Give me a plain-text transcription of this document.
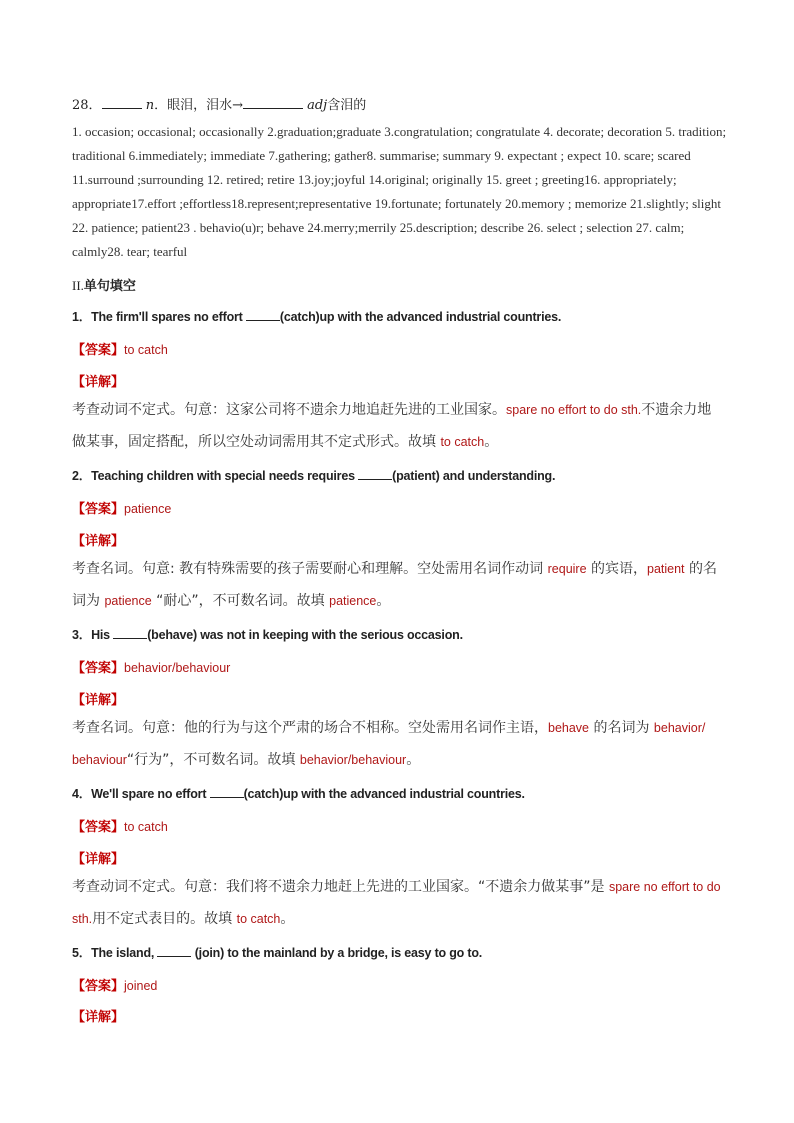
28．	n．眼泪，泪水→	adj含泪的
1. occasion; occasional; occasionally 2.graduation;graduate 3.congratulation; congratulate 4. decorate; decoration 5. tradition; traditional 6.immediately; immediate 7.gathering; gather8. summarise; summary 9. expectant ; expect 10. scare; scared 11.surround ;surrounding 12. retired; retire 13.joy;joyful 14.original; originally 15. greet ; greeting16. appropriately; appropriate17.effort ;effortless18.represent;representative 19.fortunate; fortunately 20.memory ; memorize 21.slightly; slight 22. patience; patient23 . behavio(u)r; behave 24.merry;merrily 25.description; describe 26. select ; selection 27. calm; calmly28. tear; tearful
II.单句填空
1．The firm'll spares no effort	(catch)up with the advanced industrial countries.
【答案】to catch
【详解】
考查动词不定式。句意：这家公司将不遗余力地追赶先进的工业国家。spare no effort to do sth.不遗余力地做某事，固定搭配，所以空处动词需用其不定式形式。故填 to catch。
2．Teaching children with special needs requires	(patient) and understanding.
【答案】patience
【详解】
考查名词。句意: 教有特殊需要的孩子需要耐心和理解。空处需用名词作动词 require 的宾语，patient 的名词为 patience “耐心”，不可数名词。故填 patience。
3．His	(behave) was not in keeping with the serious occasion.
【答案】behavior/behaviour
【详解】
考查名词。句意：他的行为与这个严肃的场合不相称。空处需用名词作主语，behave 的名词为 behavior/ behaviour“行为”，不可数名词。故填 behavior/behaviour。
4．We'll spare no effort	(catch)up with the advanced industrial countries.
【答案】to catch
【详解】
考查动词不定式。句意：我们将不遗余力地赶上先进的工业国家。“不遗余力做某事”是 spare no effort to do sth.用不定式表目的。故填 to catch。
5．The island,	(join) to the mainland by a bridge, is easy to go to.
【答案】joined
【详解】
